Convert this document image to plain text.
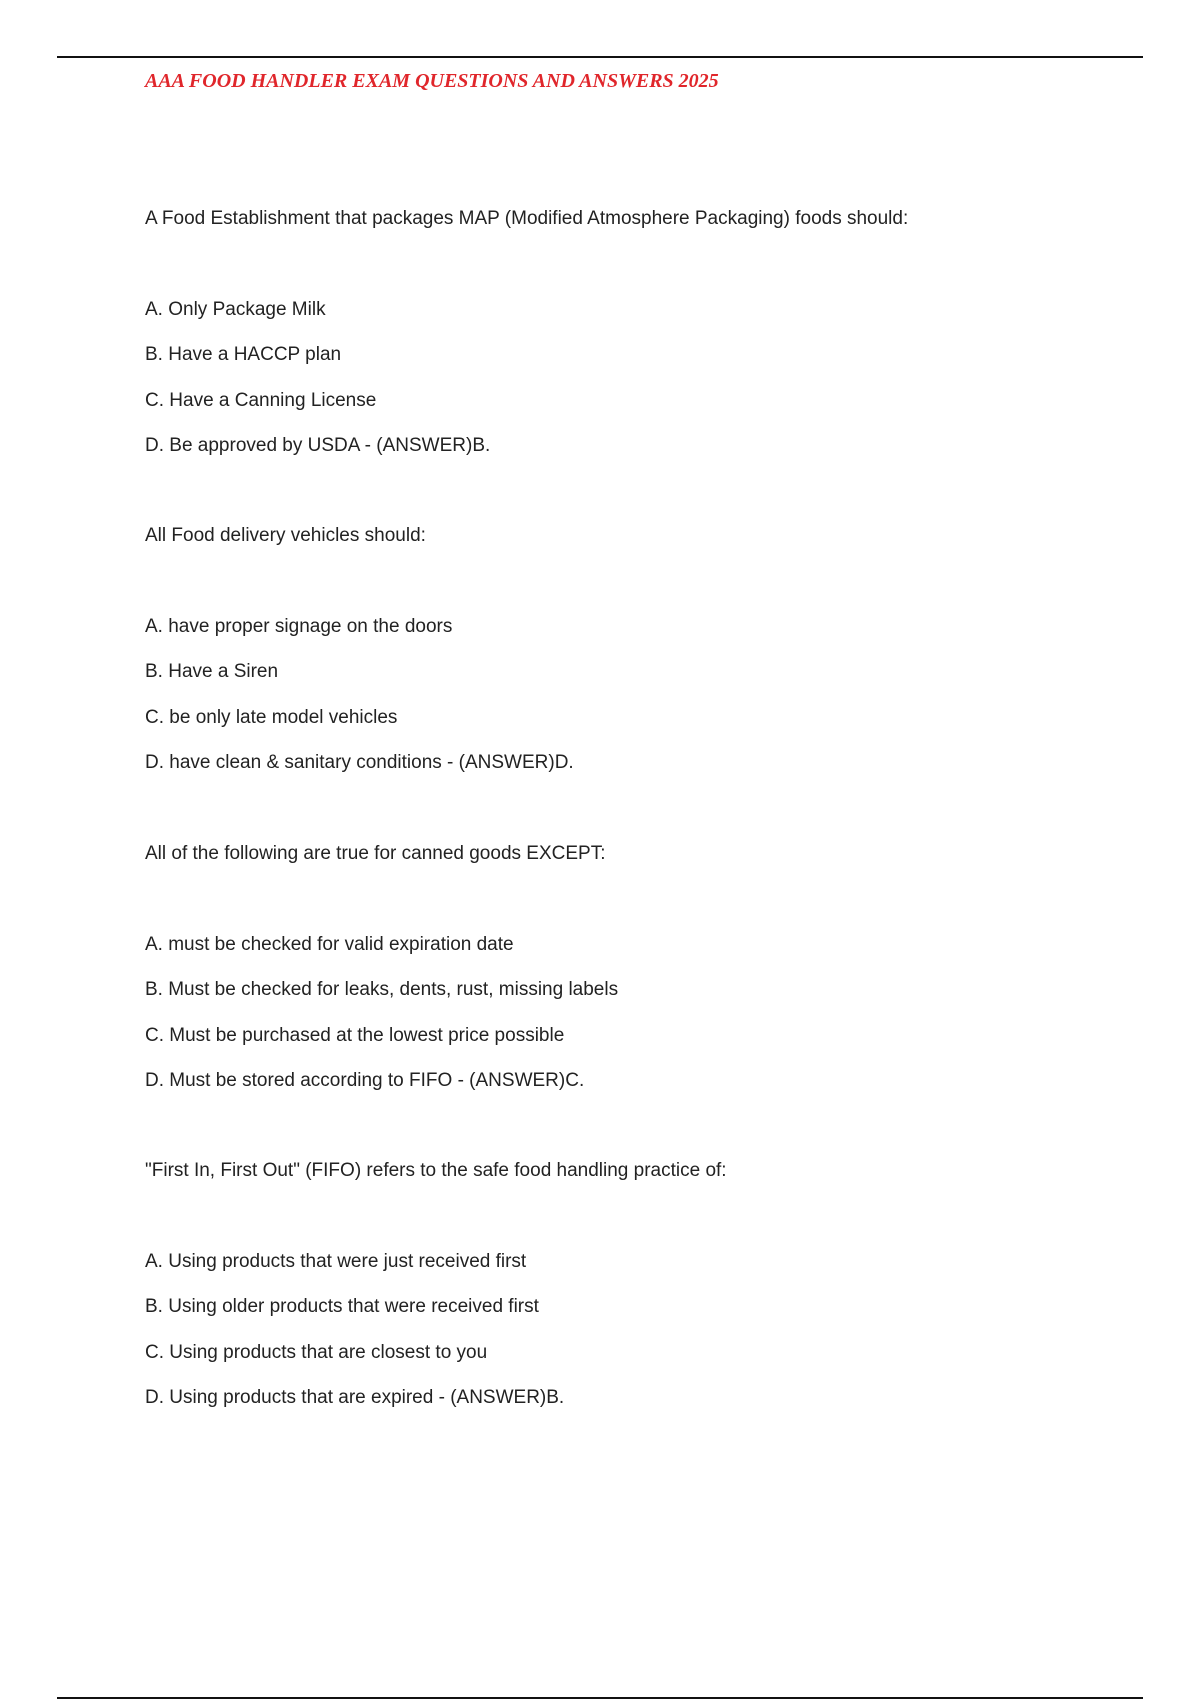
AAA FOOD HANDLER EXAM QUESTIONS AND ANSWERS 2025

A Food Establishment that packages MAP (Modified Atmosphere Packaging) foods should:

A. Only Package Milk
B. Have a HACCP plan
C. Have a Canning License
D. Be approved by USDA - (ANSWER)B.

All Food delivery vehicles should:

A. have proper signage on the doors
B. Have a Siren
C. be only late model vehicles
D. have clean & sanitary conditions - (ANSWER)D.

All of the following are true for canned goods EXCEPT:

A. must be checked for valid expiration date
B. Must be checked for leaks, dents, rust, missing labels
C. Must be purchased at the lowest price possible
D. Must be stored according to FIFO - (ANSWER)C.

"First In, First Out" (FIFO) refers to the safe food handling practice of:

A. Using products that were just received first
B. Using older products that were received first
C. Using products that are closest to you
D. Using products that are expired - (ANSWER)B.
